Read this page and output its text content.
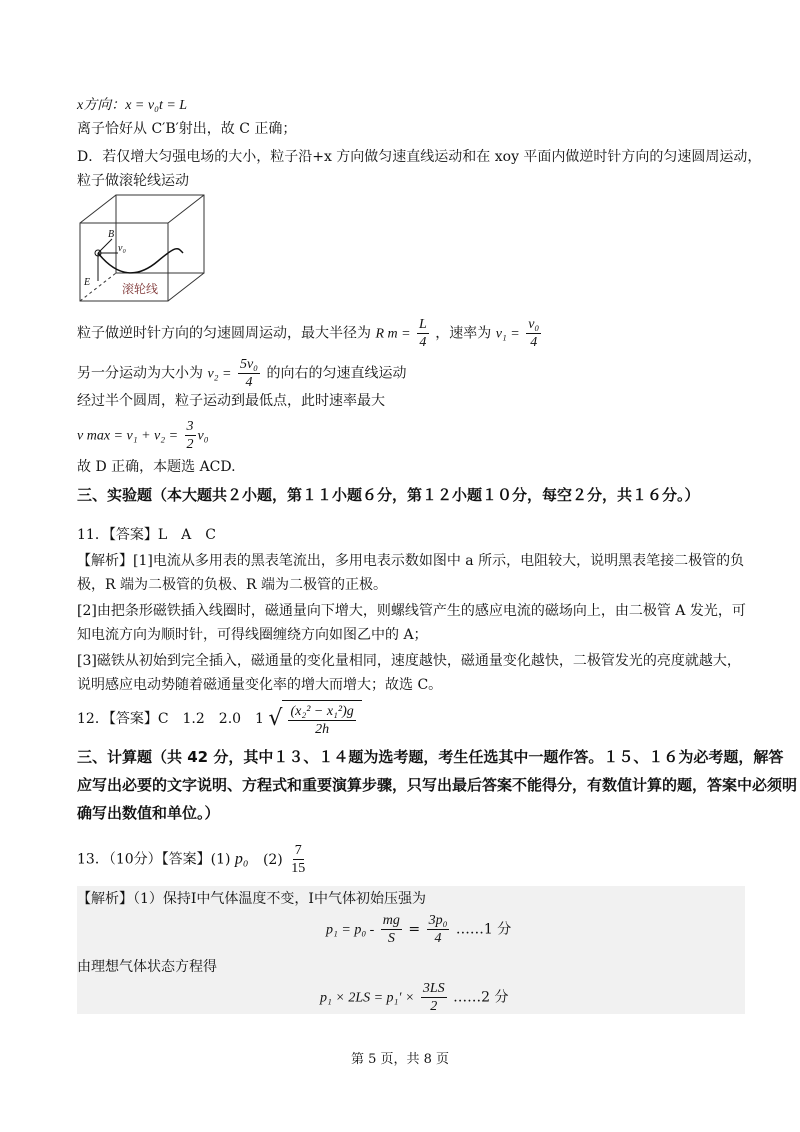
x方向：x = v₀t = L
离子恰好从 C′B′射出，故 C 正确；
D．若仅增大匀强电场的大小，粒子沿+x 方向做匀速直线运动和在 xoy 平面内做逆时针方向的匀速圆周运动，
粒子做滚轮线运动
B
v₀
E	滚轮线
粒子做逆时针方向的匀速圆周运动，最大半径为 R $m = \frac{L}{4}$ ，速率为 $v_1 = \frac{\text{v₀}}{4}$
另一分运动为大小为 $v_2 = \frac{\text{5v₀}}{4}$ 的向右的匀速直线运动
经过半个圆周，粒子运动到最低点，此时速率最大
v $\max = v_1 + v_2 = \frac{3}{2} v_0$
故 D 正确，本题选 ACD.
三、实验题（本大题共２小题，第１１小题６分，第１２小题１０分，每空２分，共１６分。）
11．【答案】L　A　C
【解析】[1]电流从多用表的黑表笔流出，多用电表示数如图中 a 所示，电阻较大，说明黑表笔接二极管的负
极，R 端为二极管的负极、R 端为二极管的正极。
[2]由把条形磁铁插入线圈时，磁通量向下增大，则螺线管产生的感应电流的磁场向上，由二极管 A 发光，可
知电流方向为顺时针，可得线圈缠绕方向如图乙中的 A；
[3]磁铁从初始到完全插入，磁通量的变化量相同，速度越快，磁通量变化越快，二极管发光的亮度就越大，
说明感应电动势随着磁通量变化率的增大而增大；故选 C。
12．【答案】C　1.2　2.0　1 √ $\frac{\text{(x₂² − x₁²)g}}{2h}$
三、计算题（共 42 分，其中１３、１４题为选考题，考生任选其中一题作答。１５、１６为必考题，解答
应写出必要的文字说明、方程式和重要演算步骤，只写出最后答案不能得分，有数值计算的题，答案中必须明
确写出数值和单位。）
13．（10分）【答案】(1) p₀ $(2) \frac{7}{15}$
【解析】（1）保持I中气体温度不变，I中气体初始压强为
$p_1 = p_0 - \frac{mg}{S} = \frac{\text{3p₀}}{4}$ ……1 分
由理想气体状态方程得
$p_1 \times 2LS = p_1' \times \frac{3LS}{2}$ ……2 分
第 5 页，共 8 页
